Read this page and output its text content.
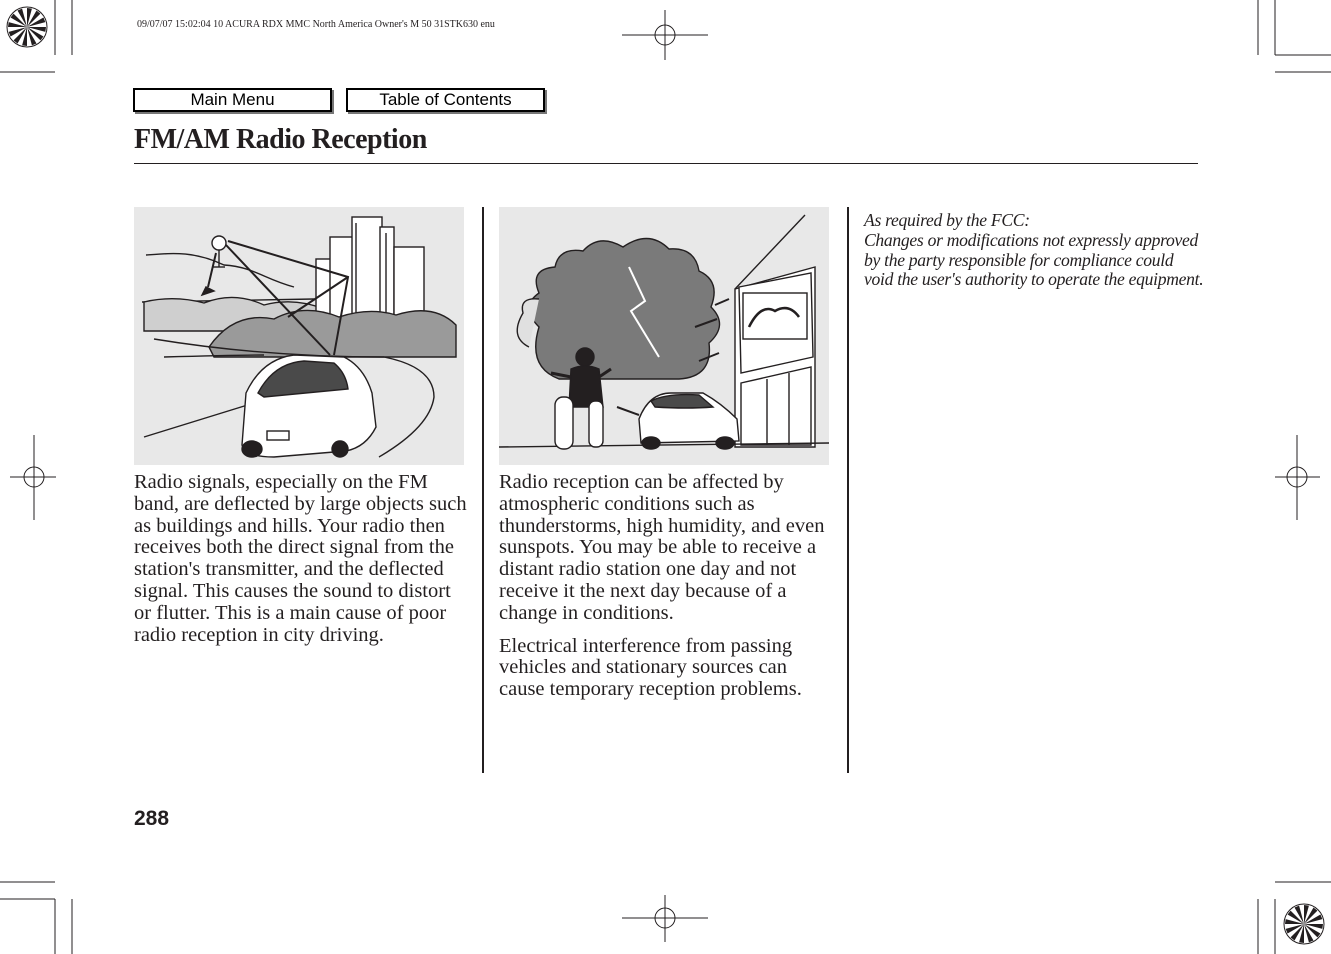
09/07/07 15:02:04 10 ACURA RDX MMC North America Owner's M 50 31STK630 enu
Main Menu	Table of Contents
FM/AM Radio Reception

Radio signals, especially on the FM band, are deflected by large objects such as buildings and hills. Your radio then receives both the direct signal from the station's transmitter, and the deflected signal. This causes the sound to distort or flutter. This is a main cause of poor radio reception in city driving.

Radio reception can be affected by atmospheric conditions such as thunderstorms, high humidity, and even sunspots. You may be able to receive a distant radio station one day and not receive it the next day because of a change in conditions.

Electrical interference from passing vehicles and stationary sources can cause temporary reception problems.

As required by the FCC:
Changes or modifications not expressly approved by the party responsible for compliance could void the user's authority to operate the equipment.
288
